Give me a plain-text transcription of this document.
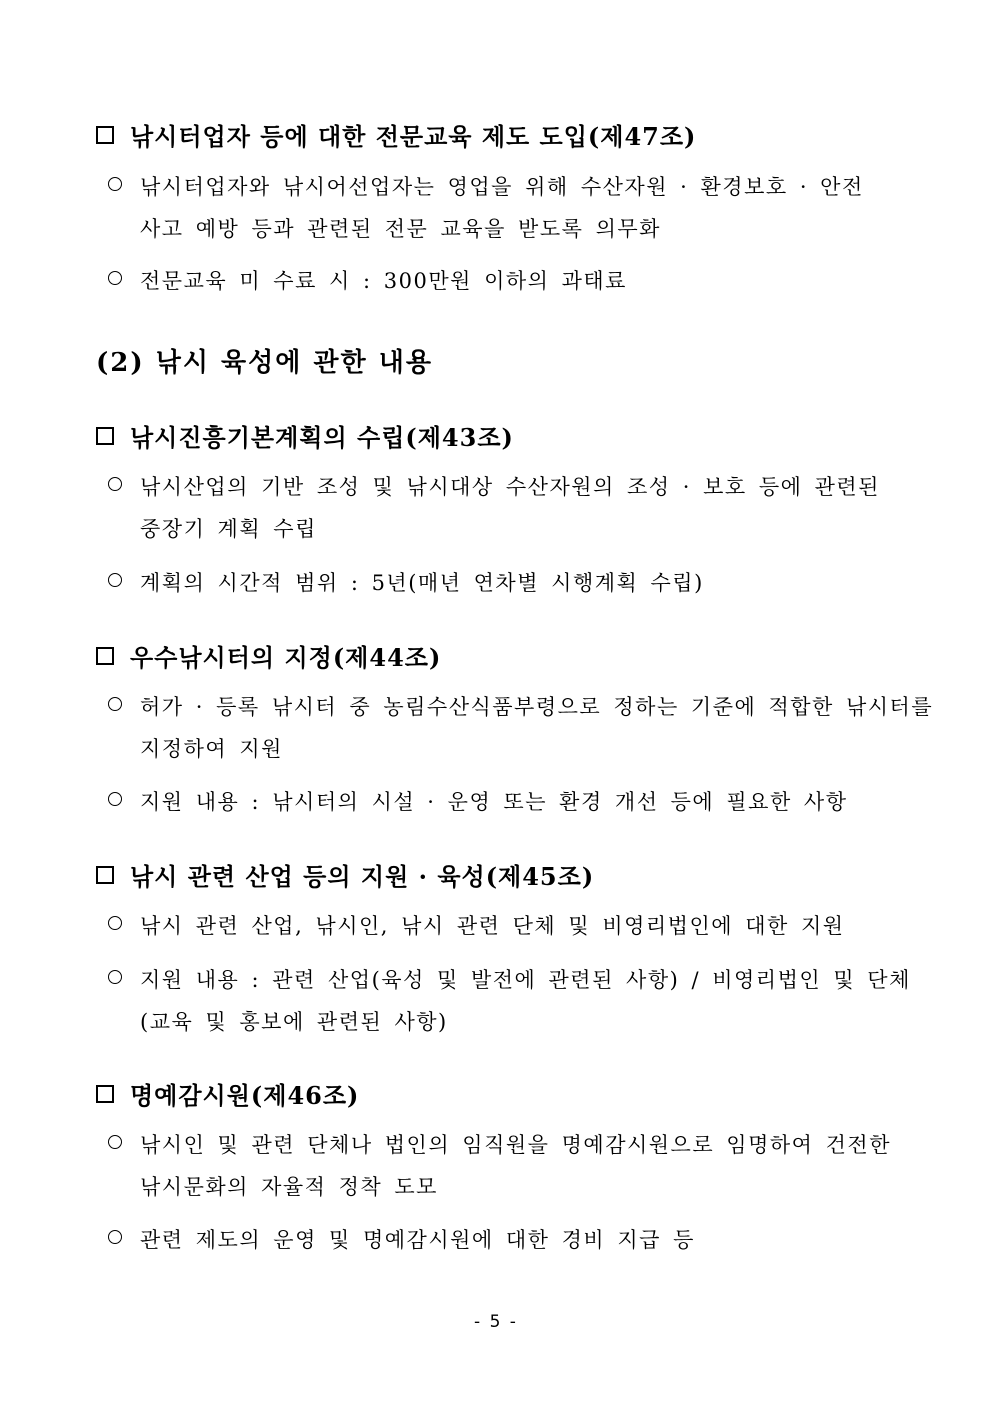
낚시터업자 등에 대한 전문교육 제도 도입(제47조)
낚시터업자와 낚시어선업자는 영업을 위해 수산자원 · 환경보호 · 안전
사고 예방 등과 관련된 전문 교육을 받도록 의무화
전문교육 미 수료 시 : 300만원 이하의 과태료
(2) 낚시 육성에 관한 내용
낚시진흥기본계획의 수립(제43조)
낚시산업의 기반 조성 및 낚시대상 수산자원의 조성 · 보호 등에 관련된
중장기 계획 수립
계획의 시간적 범위 : 5년(매년 연차별 시행계획 수립)
우수낚시터의 지정(제44조)
허가 · 등록 낚시터 중 농림수산식품부령으로 정하는 기준에 적합한 낚시터를
지정하여 지원
지원 내용 : 낚시터의 시설 · 운영 또는 환경 개선 등에 필요한 사항
낚시 관련 산업 등의 지원 · 육성(제45조)
낚시 관련 산업, 낚시인, 낚시 관련 단체 및 비영리법인에 대한 지원
지원 내용 : 관련 산업(육성 및 발전에 관련된 사항) / 비영리법인 및 단체
(교육 및 홍보에 관련된 사항)
명예감시원(제46조)
낚시인 및 관련 단체나 법인의 임직원을 명예감시원으로 임명하여 건전한
낚시문화의 자율적 정착 도모
관련 제도의 운영 및 명예감시원에 대한 경비 지급 등
- 5 -
